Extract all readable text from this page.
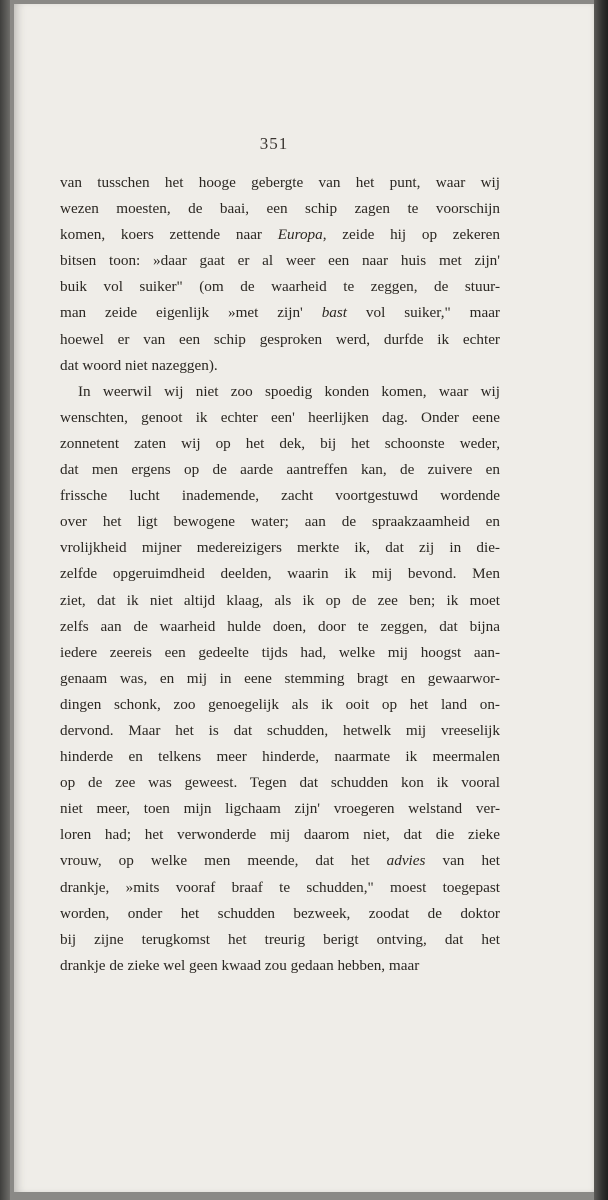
351
van tusschen het hooge gebergte van het punt, waar wij
wezen moesten, de baai, een schip zagen te voorschijn
komen, koers zettende naar Europa, zeide hij op zekeren
bitsen toon: »daar gaat er al weer een naar huis met zijn'
buik vol suiker" (om de waarheid te zeggen, de stuur-
man zeide eigenlijk »met zijn' bast vol suiker," maar
hoewel er van een schip gesproken werd, durfde ik echter
dat woord niet nazeggen).
In weerwil wij niet zoo spoedig konden komen, waar wij
wenschten, genoot ik echter een' heerlijken dag. Onder eene
zonnetent zaten wij op het dek, bij het schoonste weder,
dat men ergens op de aarde aantreffen kan, de zuivere en
frissche lucht inademende, zacht voortgestuwd wordende
over het ligt bewogene water; aan de spraakzaamheid en
vrolijkheid mijner medereizigers merkte ik, dat zij in die-
zelfde opgeruimdheid deelden, waarin ik mij bevond. Men
ziet, dat ik niet altijd klaag, als ik op de zee ben; ik moet
zelfs aan de waarheid hulde doen, door te zeggen, dat bijna
iedere zeereis een gedeelte tijds had, welke mij hoogst aan-
genaam was, en mij in eene stemming bragt en gewaarwor-
dingen schonk, zoo genoegelijk als ik ooit op het land on-
dervond. Maar het is dat schudden, hetwelk mij vreeselijk
hinderde en telkens meer hinderde, naarmate ik meermalen
op de zee was geweest. Tegen dat schudden kon ik vooral
niet meer, toen mijn ligchaam zijn' vroegeren welstand ver-
loren had; het verwonderde mij daarom niet, dat die zieke
vrouw, op welke men meende, dat het advies van het
drankje, »mits vooraf braaf te schudden," moest toegepast
worden, onder het schudden bezweek, zoodat de doktor
bij zijne terugkomst het treurig berigt ontving, dat het
drankje de zieke wel geen kwaad zou gedaan hebben, maar
